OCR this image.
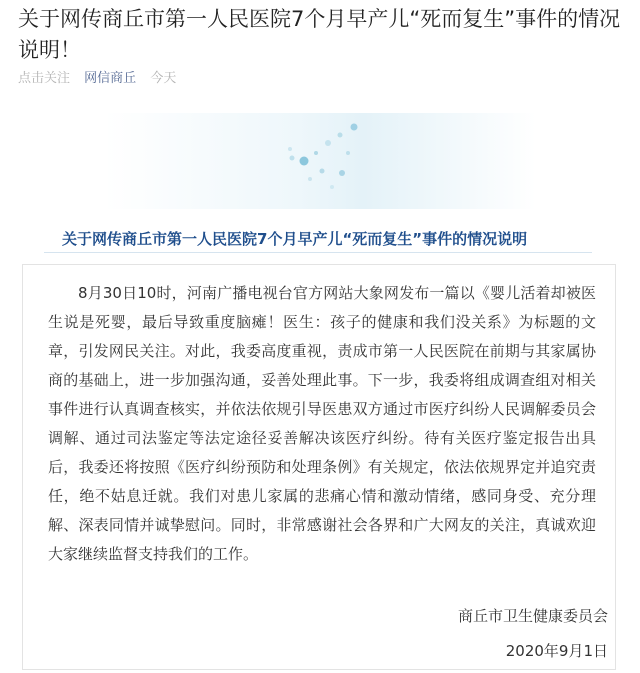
关于网传商丘市第一人民医院7个月早产儿“死而复生”事件的情况说明！
点击关注 网信商丘 今天
关于网传商丘市第一人民医院7个月早产儿“死而复生”事件的情况说明

8月30日10时，河南广播电视台官方网站大象网发布一篇以《婴儿活着却被医生说是死婴，最后导致重度脑瘫！医生：孩子的健康和我们没关系》为标题的文章，引发网民关注。对此，我委高度重视，责成市第一人民医院在前期与其家属协商的基础上，进一步加强沟通，妥善处理此事。下一步，我委将组成调查组对相关事件进行认真调查核实，并依法依规引导医患双方通过市医疗纠纷人民调解委员会调解、通过司法鉴定等法定途径妥善解决该医疗纠纷。待有关医疗鉴定报告出具后，我委还将按照《医疗纠纷预防和处理条例》有关规定，依法依规界定并追究责任，绝不姑息迁就。我们对患儿家属的悲痛心情和激动情绪，感同身受、充分理解、深表同情并诚挚慰问。同时，非常感谢社会各界和广大网友的关注，真诚欢迎大家继续监督支持我们的工作。

商丘市卫生健康委员会
2020年9月1日
